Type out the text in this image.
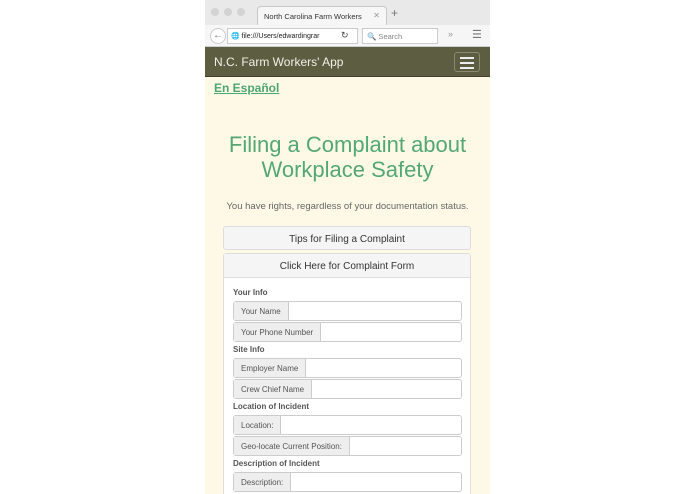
North Carolina Farm Workers ✕ +
←	🌐 file:///Users/edwardingrar	↻	🔍 Search	» ☰
N.C. Farm Workers' App
En Español
Filing a Complaint about
Workplace Safety
You have rights, regardless of your documentation status.
Tips for Filing a Complaint
Click Here for Complaint Form
Your Info
Your Name
Your Phone Number
Site Info
Employer Name
Crew Chief Name
Location of Incident
Location:
Geo-locate Current Position:
Description of Incident
Description:
